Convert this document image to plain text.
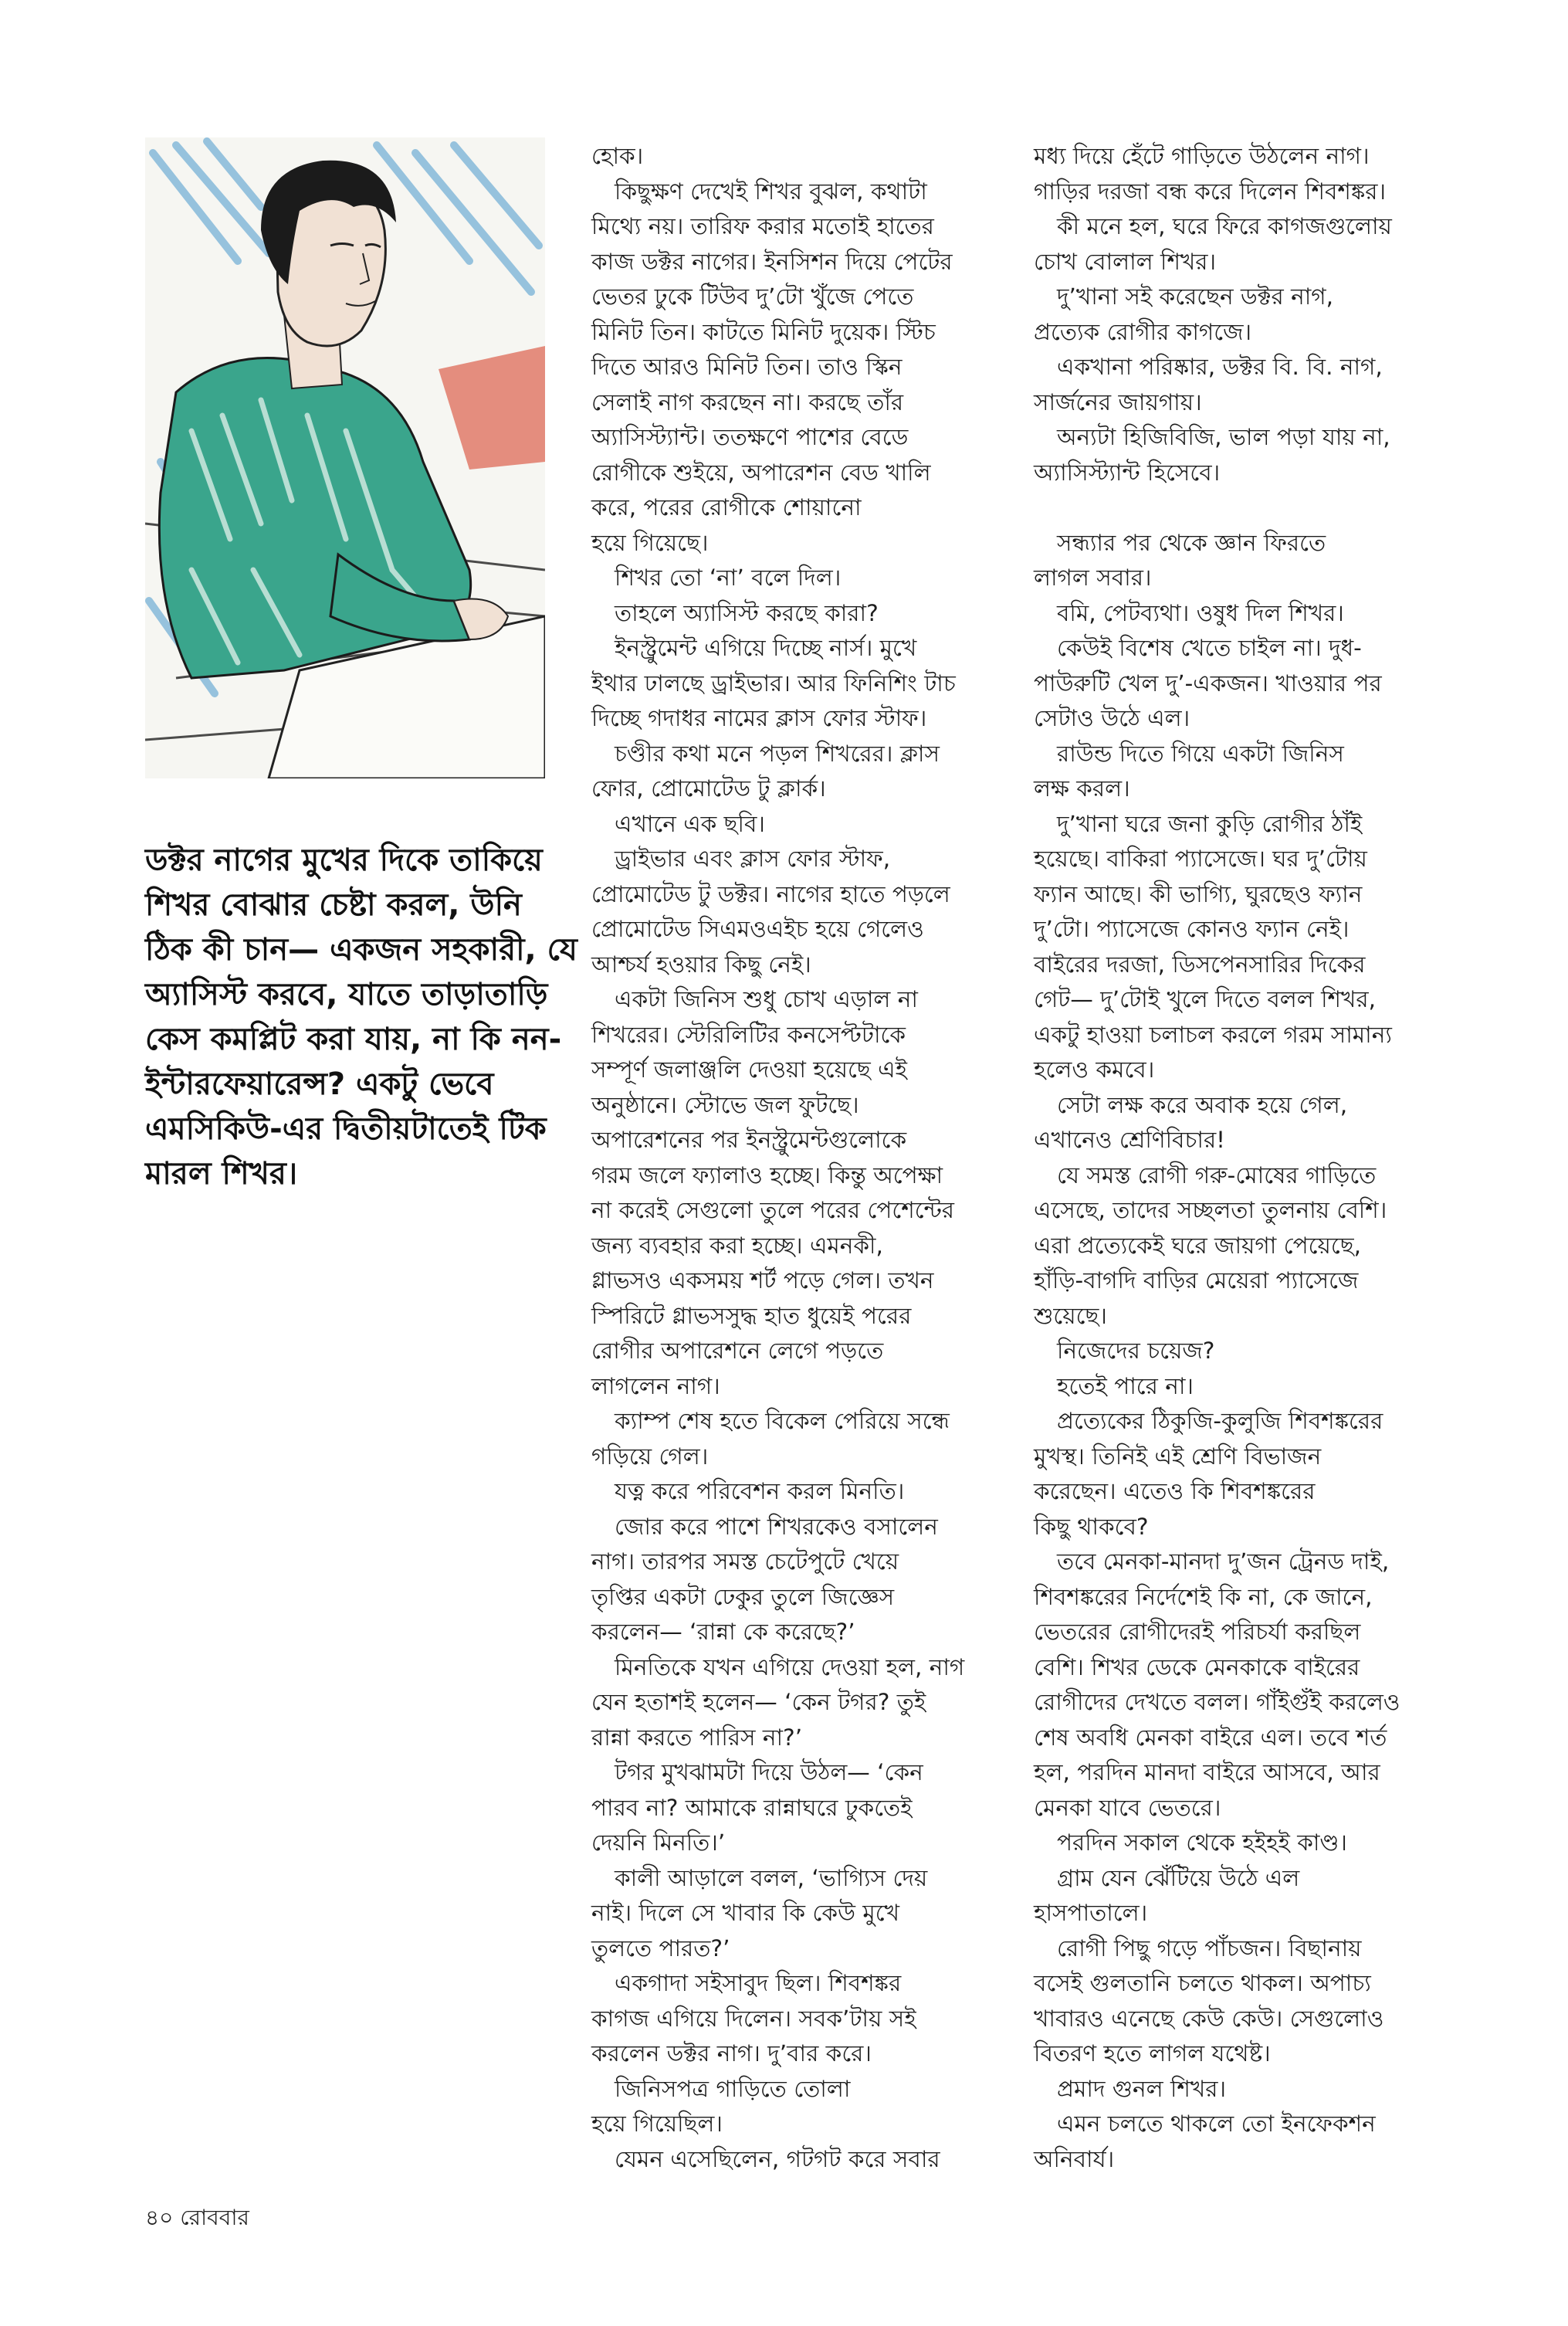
ডক্টর নাগের মুখের দিকে তাকিয়ে শিখর বোঝার চেষ্টা করল, উনি ঠিক কী চান— একজন সহকারী, যে অ্যাসিস্ট করবে, যাতে তাড়াতাড়ি কেস কমপ্লিট করা যায়, না কি নন-ইন্টারফেয়ারেন্স? একটু ভেবে এমসিকিউ-এর দ্বিতীয়টাতেই টিক মারল শিখর।

হোক।
কিছুক্ষণ দেখেই শিখর বুঝল, কথাটা
মিথ্যে নয়। তারিফ করার মতোই হাতের
কাজ ডক্টর নাগের। ইনসিশন দিয়ে পেটের
ভেতর ঢুকে টিউব দু’টো খুঁজে পেতে
মিনিট তিন। কাটতে মিনিট দুয়েক। স্টিচ
দিতে আরও মিনিট তিন। তাও স্কিন
সেলাই নাগ করছেন না। করছে তাঁর
অ্যাসিস্ট্যান্ট। ততক্ষণে পাশের বেডে
রোগীকে শুইয়ে, অপারেশন বেড খালি
করে, পরের রোগীকে শোয়ানো
হয়ে গিয়েছে।
শিখর তো ‘না’ বলে দিল।
তাহলে অ্যাসিস্ট করছে কারা?
ইনস্ট্রুমেন্ট এগিয়ে দিচ্ছে নার্স। মুখে
ইথার ঢালছে ড্রাইভার। আর ফিনিশিং টাচ
দিচ্ছে গদাধর নামের ক্লাস ফোর স্টাফ।
চণ্ডীর কথা মনে পড়ল শিখরের। ক্লাস
ফোর, প্রোমোটেড টু ক্লার্ক।
এখানে এক ছবি।
ড্রাইভার এবং ক্লাস ফোর স্টাফ,
প্রোমোটেড টু ডক্টর। নাগের হাতে পড়লে
প্রোমোটেড সিএমওএইচ হয়ে গেলেও
আশ্চর্য হওয়ার কিছু নেই।
একটা জিনিস শুধু চোখ এড়াল না
শিখরের। স্টেরিলিটির কনসেপ্টটাকে
সম্পূর্ণ জলাঞ্জলি দেওয়া হয়েছে এই
অনুষ্ঠানে। স্টোভে জল ফুটছে।
অপারেশনের পর ইনস্ট্রুমেন্টগুলোকে
গরম জলে ফ্যালাও হচ্ছে। কিন্তু অপেক্ষা
না করেই সেগুলো তুলে পরের পেশেন্টের
জন্য ব্যবহার করা হচ্ছে। এমনকী,
গ্লাভসও একসময় শর্ট পড়ে গেল। তখন
স্পিরিটে গ্লাভসসুদ্ধ হাত ধুয়েই পরের
রোগীর অপারেশনে লেগে পড়তে
লাগলেন নাগ।
ক্যাম্প শেষ হতে বিকেল পেরিয়ে সন্ধে
গড়িয়ে গেল।
যত্ন করে পরিবেশন করল মিনতি।
জোর করে পাশে শিখরকেও বসালেন
নাগ। তারপর সমস্ত চেটেপুটে খেয়ে
তৃপ্তির একটা ঢেকুর তুলে জিজ্ঞেস
করলেন— ‘রান্না কে করেছে?’
মিনতিকে যখন এগিয়ে দেওয়া হল, নাগ
যেন হতাশই হলেন— ‘কেন টগর? তুই
রান্না করতে পারিস না?’
টগর মুখঝামটা দিয়ে উঠল— ‘কেন
পারব না? আমাকে রান্নাঘরে ঢুকতেই
দেয়নি মিনতি।’
কালী আড়ালে বলল, ‘ভাগ্যিস দেয়
নাই। দিলে সে খাবার কি কেউ মুখে
তুলতে পারত?’
একগাদা সইসাবুদ ছিল। শিবশঙ্কর
কাগজ এগিয়ে দিলেন। সবক’টায় সই
করলেন ডক্টর নাগ। দু’বার করে।
জিনিসপত্র গাড়িতে তোলা
হয়ে গিয়েছিল।
যেমন এসেছিলেন, গটগট করে সবার
মধ্য দিয়ে হেঁটে গাড়িতে উঠলেন নাগ।
গাড়ির দরজা বন্ধ করে দিলেন শিবশঙ্কর।
কী মনে হল, ঘরে ফিরে কাগজগুলোয়
চোখ বোলাল শিখর।
দু’খানা সই করেছেন ডক্টর নাগ,
প্রত্যেক রোগীর কাগজে।
একখানা পরিষ্কার, ডক্টর বি. বি. নাগ,
সার্জনের জায়গায়।
অন্যটা হিজিবিজি, ভাল পড়া যায় না,
অ্যাসিস্ট্যান্ট হিসেবে।
সন্ধ্যার পর থেকে জ্ঞান ফিরতে
লাগল সবার।
বমি, পেটব্যথা। ওষুধ দিল শিখর।
কেউই বিশেষ খেতে চাইল না। দুধ-
পাউরুটি খেল দু’-একজন। খাওয়ার পর
সেটাও উঠে এল।
রাউন্ড দিতে গিয়ে একটা জিনিস
লক্ষ করল।
দু’খানা ঘরে জনা কুড়ি রোগীর ঠাঁই
হয়েছে। বাকিরা প্যাসেজে। ঘর দু’টোয়
ফ্যান আছে। কী ভাগ্যি, ঘুরছেও ফ্যান
দু’টো। প্যাসেজে কোনও ফ্যান নেই।
বাইরের দরজা, ডিসপেনসারির দিকের
গেট— দু’টোই খুলে দিতে বলল শিখর,
একটু হাওয়া চলাচল করলে গরম সামান্য
হলেও কমবে।
সেটা লক্ষ করে অবাক হয়ে গেল,
এখানেও শ্রেণিবিচার!
যে সমস্ত রোগী গরু-মোষের গাড়িতে
এসেছে, তাদের সচ্ছলতা তুলনায় বেশি।
এরা প্রত্যেকেই ঘরে জায়গা পেয়েছে,
হাঁড়ি-বাগদি বাড়ির মেয়েরা প্যাসেজে
শুয়েছে।
নিজেদের চয়েজ?
হতেই পারে না।
প্রত্যেকের ঠিকুজি-কুলুজি শিবশঙ্করের
মুখস্থ। তিনিই এই শ্রেণি বিভাজন
করেছেন। এতেও কি শিবশঙ্করের
কিছু থাকবে?
তবে মেনকা-মানদা দু’জন ট্রেনড দাই,
শিবশঙ্করের নির্দেশেই কি না, কে জানে,
ভেতরের রোগীদেরই পরিচর্যা করছিল
বেশি। শিখর ডেকে মেনকাকে বাইরের
রোগীদের দেখতে বলল। গাঁইগুঁই করলেও
শেষ অবধি মেনকা বাইরে এল। তবে শর্ত
হল, পরদিন মানদা বাইরে আসবে, আর
মেনকা যাবে ভেতরে।
পরদিন সকাল থেকে হইহই কাণ্ড।
গ্রাম যেন ঝেঁটিয়ে উঠে এল
হাসপাতালে।
রোগী পিছু গড়ে পাঁচজন। বিছানায়
বসেই গুলতানি চলতে থাকল। অপাচ্য
খাবারও এনেছে কেউ কেউ। সেগুলোও
বিতরণ হতে লাগল যথেষ্ট।
প্রমাদ গুনল শিখর।
এমন চলতে থাকলে তো ইনফেকশন
অনিবার্য।
৪০ রোববার
